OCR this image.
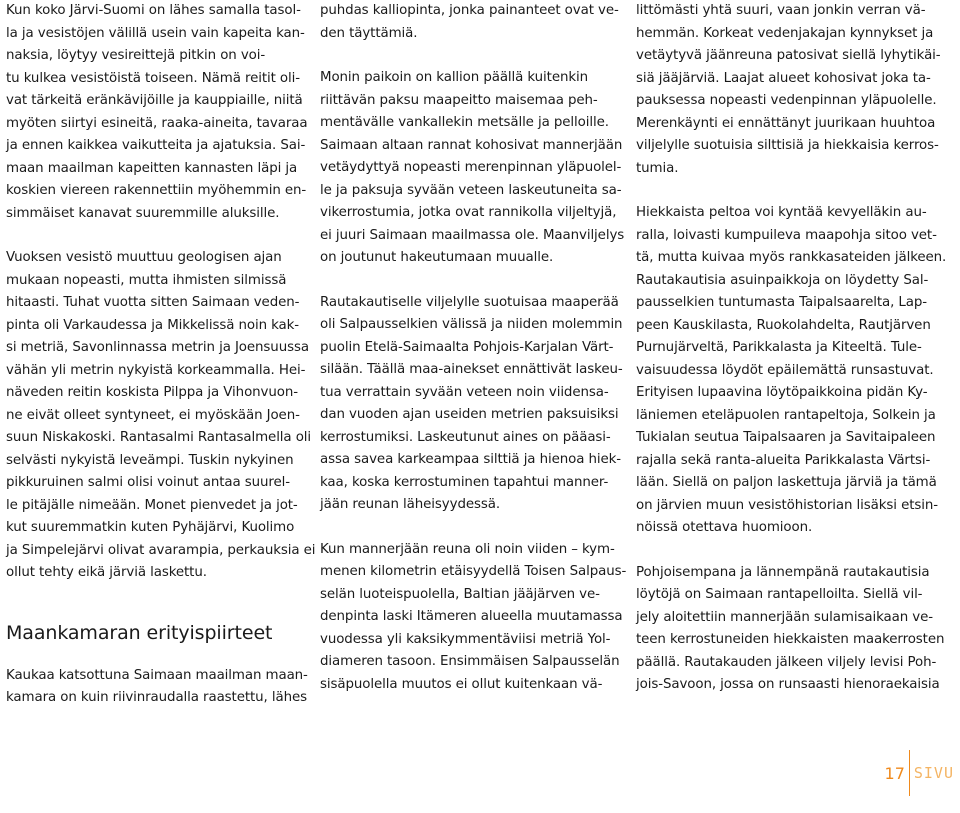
Kun koko Järvi-Suomi on lähes samalla tasol-
la ja vesistöjen välillä usein vain kapeita kan-
naksia, löytyy vesireittejä pitkin on voi-
tu kulkea vesistöistä toiseen. Nämä reitit oli-
vat tärkeitä eränkävijöille ja kauppiaille, niitä
myöten siirtyi esineitä, raaka-aineita, tavaraa
ja ennen kaikkea vaikutteita ja ajatuksia. Sai-
maan maailman kapeitten kannasten läpi ja
koskien viereen rakennettiin myöhemmin en-
simmäiset kanavat suuremmille aluksille.

Vuoksen vesistö muuttuu geologisen ajan
mukaan nopeasti, mutta ihmisten silmissä
hitaasti. Tuhat vuotta sitten Saimaan veden-
pinta oli Varkaudessa ja Mikkelissä noin kak-
si metriä, Savonlinnassa metrin ja Joensuussa
vähän yli metrin nykyistä korkeammalla. Hei-
näveden reitin koskista Pilppa ja Vihonvuon-
ne eivät olleet syntyneet, ei myöskään Joen-
suun Niskakoski. Rantasalmi Rantasalmella oli
selvästi nykyistä leveämpi. Tuskin nykyinen
pikkuruinen salmi olisi voinut antaa suurel-
le pitäjälle nimeään. Monet pienvedet ja jot-
kut suuremmatkin kuten Pyhäjärvi, Kuolimo
ja Simpelejärvi olivat avarampia, perkauksia ei
ollut tehty eikä järviä laskettu.

Maankamaran erityispiirteet

Kaukaa katsottuna Saimaan maailman maan-
kamara on kuin riivinraudalla raastettu, lähes

puhdas kalliopinta, jonka painanteet ovat ve-
den täyttämiä.

Monin paikoin on kallion päällä kuitenkin
riittävän paksu maapeitto maisemaa peh-
mentävälle vankallekin metsälle ja pelloille.
Saimaan altaan rannat kohosivat mannerjään
vetäydyttyä nopeasti merenpinnan yläpuolel-
le ja paksuja syvään veteen laskeutuneita sa-
vikerrostumia, jotka ovat rannikolla viljeltyjä,
ei juuri Saimaan maailmassa ole. Maanviljelys
on joutunut hakeutumaan muualle.

Rautakautiselle viljelylle suotuisaa maaperää
oli Salpausselkien välissä ja niiden molemmin
puolin Etelä-Saimaalta Pohjois-Karjalan Värt-
silään. Täällä maa-ainekset ennättivät laskeu-
tua verrattain syvään veteen noin viidensa-
dan vuoden ajan useiden metrien paksuisiksi
kerrostumiksi. Laskeutunut aines on pääasi-
assa savea karkeampaa silttiä ja hienoa hiek-
kaa, koska kerrostuminen tapahtui manner-
jään reunan läheisyydessä.

Kun mannerjään reuna oli noin viiden – kym-
menen kilometrin etäisyydellä Toisen Salpaus-
selän luoteispuolella, Baltian jääjärven ve-
denpinta laski Itämeren alueella muutamassa
vuodessa yli kaksikymmentäviisi metriä Yol-
diameren tasoon. Ensimmäisen Salpausselän
sisäpuolella muutos ei ollut kuitenkaan vä-

littömästi yhtä suuri, vaan jonkin verran vä-
hemmän. Korkeat vedenjakajan kynnykset ja
vetäytyvä jäänreuna patosivat siellä lyhytikäi-
siä jääjärviä. Laajat alueet kohosivat joka ta-
pauksessa nopeasti vedenpinnan yläpuolelle.
Merenkäynti ei ennättänyt juurikaan huuhtoa
viljelylle suotuisia silttisiä ja hiekkaisia kerros-
tumia.

Hiekkaista peltoa voi kyntää kevyelläkin au-
ralla, loivasti kumpuileva maapohja sitoo vet-
tä, mutta kuivaa myös rankkasateiden jälkeen.
Rautakautisia asuinpaikkoja on löydetty Sal-
pausselkien tuntumasta Taipalsaarelta, Lap-
peen Kauskilasta, Ruokolahdelta, Rautjärven
Purnujärveltä, Parikkalasta ja Kiteeltä. Tule-
vaisuudessa löydöt epäilemättä runsastuvat.
Erityisen lupaavina löytöpaikkoina pidän Ky-
läniemen eteläpuolen rantapeltoja, Solkein ja
Tukialan seutua Taipalsaaren ja Savitaipaleen
rajalla sekä ranta-alueita Parikkalasta Värtsi-
lään. Siellä on paljon laskettuja järviä ja tämä
on järvien muun vesistöhistorian lisäksi etsin-
nöissä otettava huomioon.

Pohjoisempana ja lännempänä rautakautisia
löytöjä on Saimaan rantapelloilta. Siellä vil-
jely aloitettiin mannerjään sulamisaikaan ve-
teen kerrostuneiden hiekkaisten maakerrosten
päällä. Rautakauden jälkeen viljely levisi Poh-
jois-Savoon, jossa on runsaasti hienoraekaisia

17 SIVU
